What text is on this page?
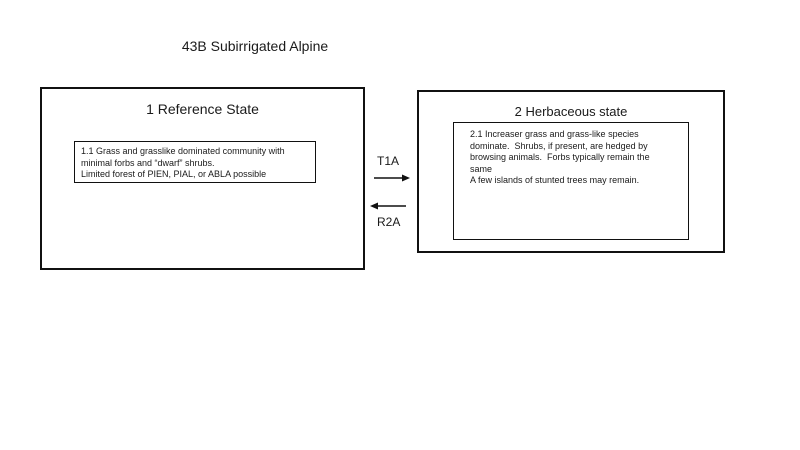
43B Subirrigated Alpine
1 Reference State
1.1 Grass and grasslike dominated community with
minimal forbs and “dwarf” shrubs.
Limited forest of PIEN, PIAL, or ABLA possible
T1A
R2A
2 Herbaceous state
2.1 Increaser grass and grass-like species
dominate.  Shrubs, if present, are hedged by
browsing animals.  Forbs typically remain the
same
A few islands of stunted trees may remain.
